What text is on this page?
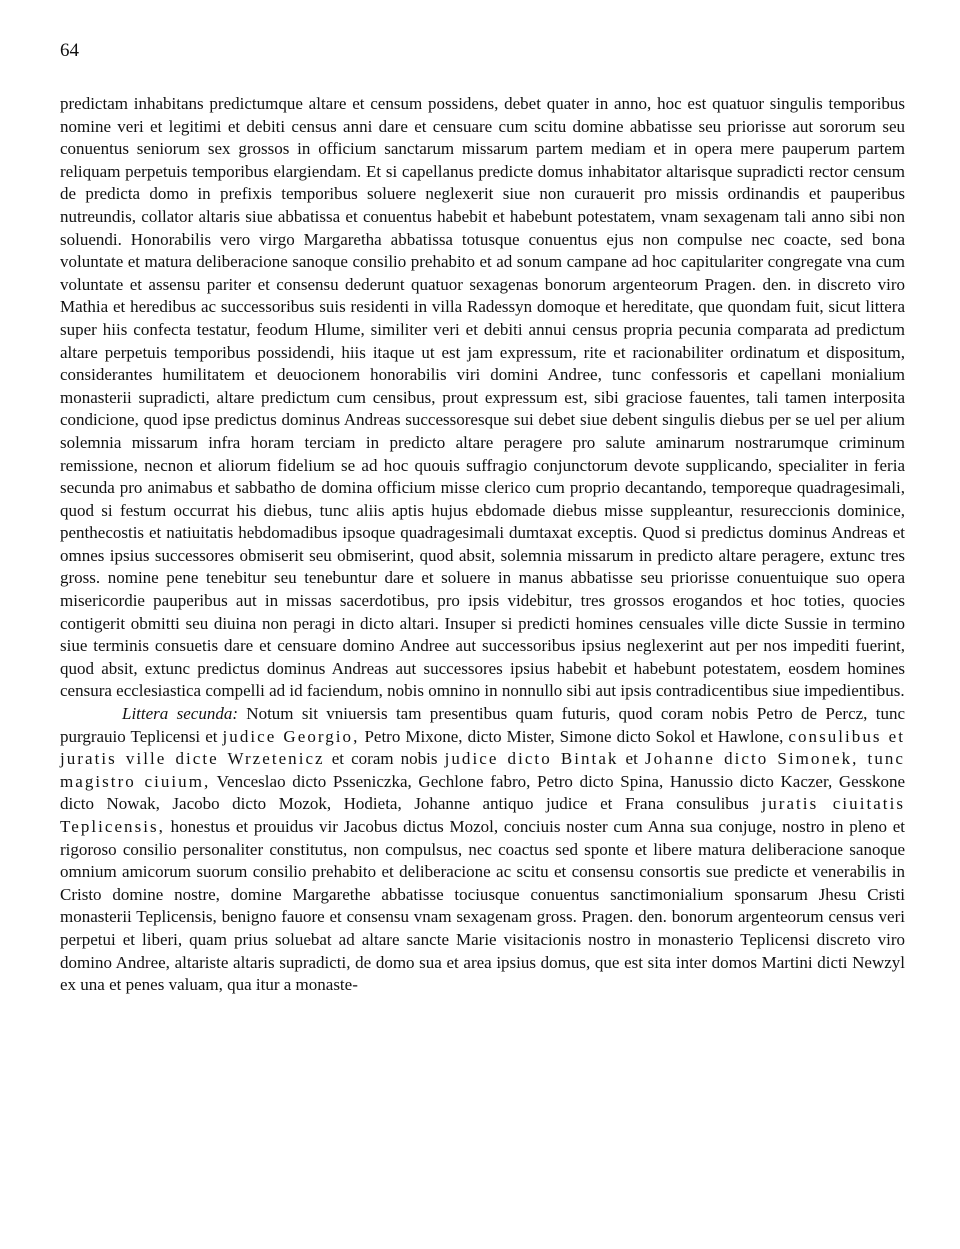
64

predictam inhabitans predictumque altare et censum possidens, debet quater in anno, hoc est quatuor singulis temporibus nomine veri et legitimi et debiti census anni dare et censuare cum scitu domine abbatisse seu priorisse aut sororum seu conuentus seniorum sex grossos in officium sanctarum missarum partem mediam et in opera mere pauperum partem reliquam perpetuis temporibus elargiendam. Et si capellanus predicte domus inhabitator altarisque supradicti rector censum de predicta domo in prefixis temporibus soluere neglexerit siue non curauerit pro missis ordinandis et pauperibus nutreundis, collator altaris siue abbatissa et conuentus habebit et habebunt potestatem, vnam sexagenam tali anno sibi non soluendi. Honorabilis vero virgo Margaretha abbatissa totusque conuentus ejus non compulse nec coacte, sed bona voluntate et matura deliberacione sanoque consilio prehabito et ad sonum campane ad hoc capitulariter congregate vna cum voluntate et assensu pariter et consensu dederunt quatuor sexagenas bonorum argenteorum Pragen. den. in discreto viro Mathia et heredibus ac successoribus suis residenti in villa Radessyn domoque et hereditate, que quondam fuit, sicut littera super hiis confecta testatur, feodum Hlume, similiter veri et debiti annui census propria pecunia comparata ad predictum altare perpetuis temporibus possidendi, hiis itaque ut est jam expressum, rite et racionabiliter ordinatum et dispositum, considerantes humilitatem et deuocionem honorabilis viri domini Andree, tunc confessoris et capellani monialium monasterii supradicti, altare predictum cum censibus, prout expressum est, sibi graciose fauentes, tali tamen interposita condicione, quod ipse predictus dominus Andreas successoresque sui debet siue debent singulis diebus per se uel per alium solemnia missarum infra horam terciam in predicto altare peragere pro salute aminarum nostrarumque criminum remissione, necnon et aliorum fidelium se ad hoc quouis suffragio conjunctorum devote supplicando, specialiter in feria secunda pro animabus et sabbatho de domina officium misse clerico cum proprio decantando, temporeque quadragesimali, quod si festum occurrat his diebus, tunc aliis aptis hujus ebdomade diebus misse suppleantur, resureccionis dominice, penthecostis et natiuitatis hebdomadibus ipsoque quadragesimali dumtaxat exceptis. Quod si predictus dominus Andreas et omnes ipsius successores obmiserit seu obmiserint, quod absit, solemnia missarum in predicto altare peragere, extunc tres gross. nomine pene tenebitur seu tenebuntur dare et soluere in manus abbatisse seu priorisse conuentuique suo opera misericordie pauperibus aut in missas sacerdotibus, pro ipsis videbitur, tres grossos erogandos et hoc toties, quocies contigerit obmitti seu diuina non peragi in dicto altari. Insuper si predicti homines censuales ville dicte Sussie in termino siue terminis consuetis dare et censuare domino Andree aut successoribus ipsius neglexerint aut per nos impediti fuerint, quod absit, extunc predictus dominus Andreas aut successores ipsius habebit et habebunt potestatem, eosdem homines censura ecclesiastica compelli ad id faciendum, nobis omnino in nonnullo sibi aut ipsis contradicentibus siue impedientibus.

Littera secunda: Notum sit vniuersis tam presentibus quam futuris, quod coram nobis Petro de Percz, tunc purgrauio Teplicensi et judice Georgio, Petro Mixone, dicto Mister, Simone dicto Sokol et Hawlone, consulibus et juratis ville dicte Wrzetenicz et coram nobis judice dicto Bintak et Johanne dicto Simonek, tunc magistro ciuium, Venceslao dicto Psseniczka, Gechlone fabro, Petro dicto Spina, Hanussio dicto Kaczer, Gesskone dicto Nowak, Jacobo dicto Mozok, Hodieta, Johanne antiquo judice et Frana consulibus juratis ciuitatis Teplicensis, honestus et prouidus vir Jacobus dictus Mozol, conciuis noster cum Anna sua conjuge, nostro in pleno et rigoroso consilio personaliter constitutus, non compulsus, nec coactus sed sponte et libere matura deliberacione sanoque omnium amicorum suorum consilio prehabito et deliberacione ac scitu et consensu consortis sue predicte et venerabilis in Cristo domine nostre, domine Margarethe abbatisse tociusque conuentus sanctimonialium sponsarum Jhesu Cristi monasterii Teplicensis, benigno fauore et consensu vnam sexagenam gross. Pragen. den. bonorum argenteorum census veri perpetui et liberi, quam prius soluebat ad altare sancte Marie visitacionis nostro in monasterio Teplicensi discreto viro domino Andree, altariste altaris supradicti, de domo sua et area ipsius domus, que est sita inter domos Martini dicti Newzyl ex una et penes valuam, qua itur a monaste-
